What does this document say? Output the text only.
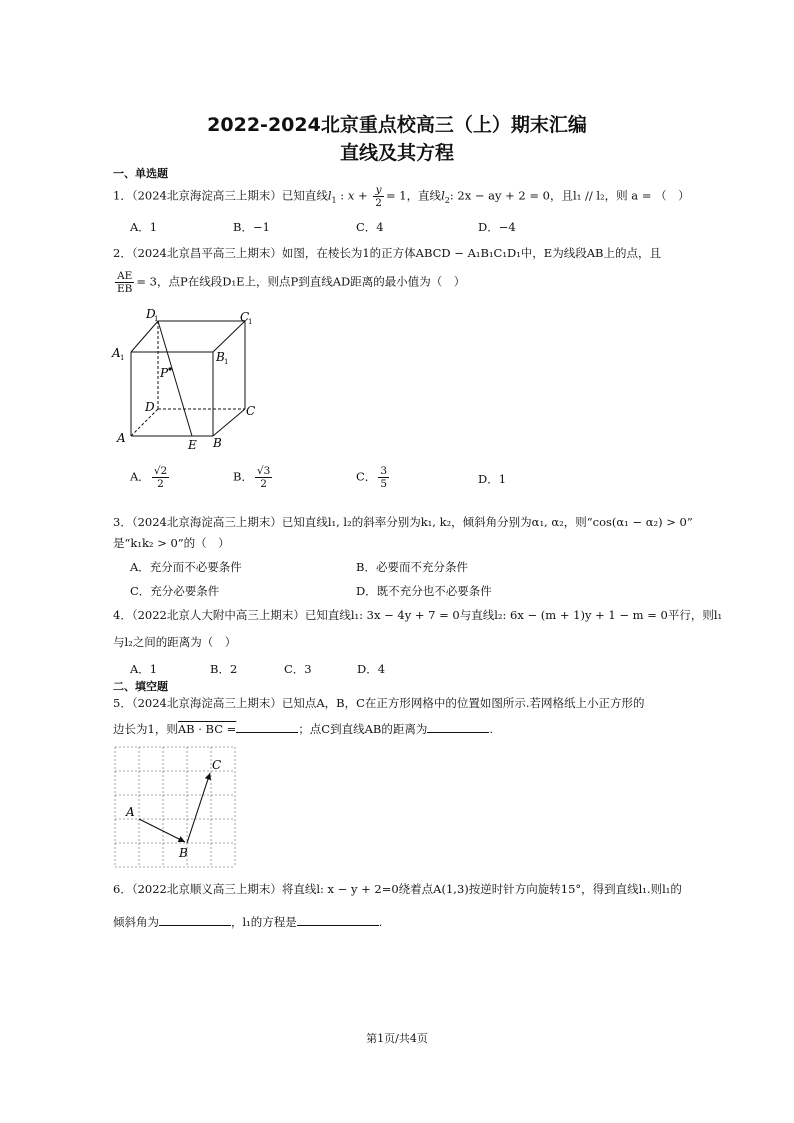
2022-2024北京重点校高三（上）期末汇编
直线及其方程
一、单选题
1．（2024北京海淀高三上期末）已知直线$l_1$ : $x + \frac{y}{2} = 1$，直线$l_2$: 2x − ay + 2 = 0，且l₁ // l₂，则 a = （　）
A．1	B．−1	C．4	D．−4
2．（2024北京昌平高三上期末）如图，在棱长为1的正方体ABCD − A₁B₁C₁D₁中，E为线段AB上的点，且
$\frac{AE}{EB} = 3$，点P在线段D₁E上，则点P到直线AD距离的最小值为（　）
D
1	C
1
A 1	B 1
P
D	C
A	E B
A． $\frac{√2}{2}$	B． $\frac{√3}{2}$	C． $\frac{3}{5}$	D．1
3．（2024北京海淀高三上期末）已知直线l₁, l₂的斜率分别为k₁, k₂，倾斜角分别为α₁, α₂，则“cos(α₁ − α₂) > 0”
是“k₁k₂ > 0”的（　）
A．充分而不必要条件	B．必要而不充分条件
C．充分必要条件	D．既不充分也不必要条件
4．（2022北京人大附中高三上期末）已知直线l₁: 3x − 4y + 7 = 0与直线l₂: 6x − (m + 1)y + 1 − m = 0平行，则l₁
与l₂之间的距离为（　）
A．1	B．2	C．3	D．4
二、填空题
5．（2024北京海淀高三上期末）已知点A，B，C在正方形网格中的位置如图所示.若网格纸上小正方形的
边长为1，则AB · BC =	；点C到直线AB的距离为	.
A
B
C
6．（2022北京顺义高三上期末）将直线l: x − y + 2=0绕着点A(1,3)按逆时针方向旋转15°，得到直线l₁.则l₁的
倾斜角为	，l₁的方程是	.
第1页/共4页
